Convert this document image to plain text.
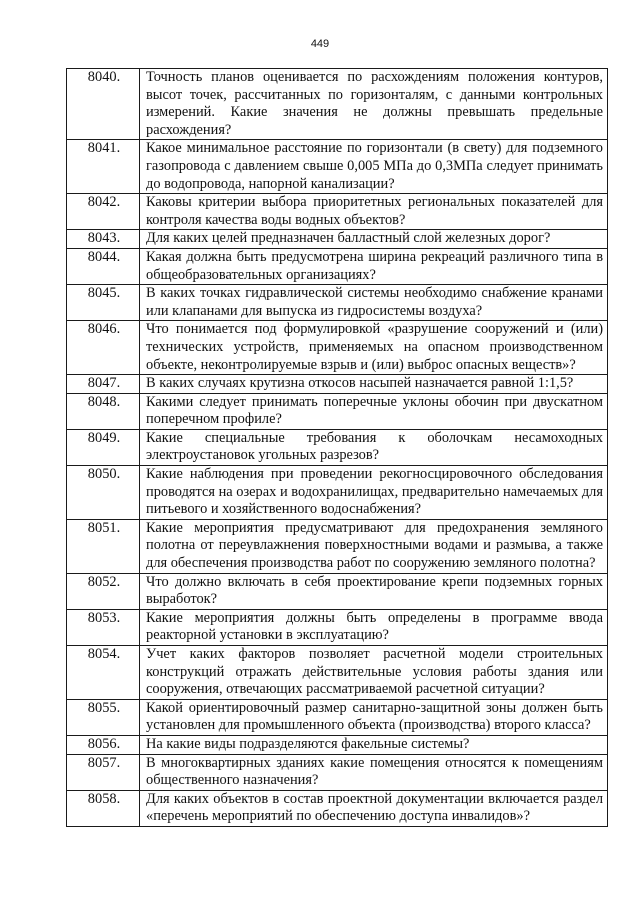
449
8040.	Точность планов оценивается по расхождениям положения контуров, высот точек, рассчитанных по горизонталям, с данными контрольных измерений. Какие значения не должны превышать предельные расхождения?
8041.	Какое минимальное расстояние по горизонтали (в свету) для подземного газопровода с давлением свыше 0,005 МПа до 0,3МПа следует принимать до водопровода, напорной канализации?
8042.	Каковы критерии выбора приоритетных региональных показателей для контроля качества воды водных объектов?
8043.	Для каких целей предназначен балластный слой железных дорог?
8044.	Какая должна быть предусмотрена ширина рекреаций различного типа в общеобразовательных организациях?
8045.	В каких точках гидравлической системы необходимо снабжение кранами или клапанами для выпуска из гидросистемы воздуха?
8046.	Что понимается под формулировкой «разрушение сооружений и (или) технических устройств, применяемых на опасном производственном объекте, неконтролируемые взрыв и (или) выброс опасных веществ»?
8047.	В каких случаях крутизна откосов насыпей назначается равной 1:1,5?
8048.	Какими следует принимать поперечные уклоны обочин при двускатном поперечном профиле?
8049.	Какие специальные требования к оболочкам несамоходных электроустановок угольных разрезов?
8050.	Какие наблюдения при проведении рекогносцировочного обследования проводятся на озерах и водохранилищах, предварительно намечаемых для питьевого и хозяйственного водоснабжения?
8051.	Какие мероприятия предусматривают для предохранения земляного полотна от переувлажнения поверхностными водами и размыва, а также для обеспечения производства работ по сооружению земляного полотна?
8052.	Что должно включать в себя проектирование крепи подземных горных выработок?
8053.	Какие мероприятия должны быть определены в программе ввода реакторной установки в эксплуатацию?
8054.	Учет каких факторов позволяет расчетной модели строительных конструкций отражать действительные условия работы здания или сооружения, отвечающих рассматриваемой расчетной ситуации?
8055.	Какой ориентировочный размер санитарно-защитной зоны должен быть установлен для промышленного объекта (производства) второго класса?
8056.	На какие виды подразделяются факельные системы?
8057.	В многоквартирных зданиях какие помещения относятся к помещениям общественного назначения?
8058.	Для каких объектов в состав проектной документации включается раздел «перечень мероприятий по обеспечению доступа инвалидов»?
